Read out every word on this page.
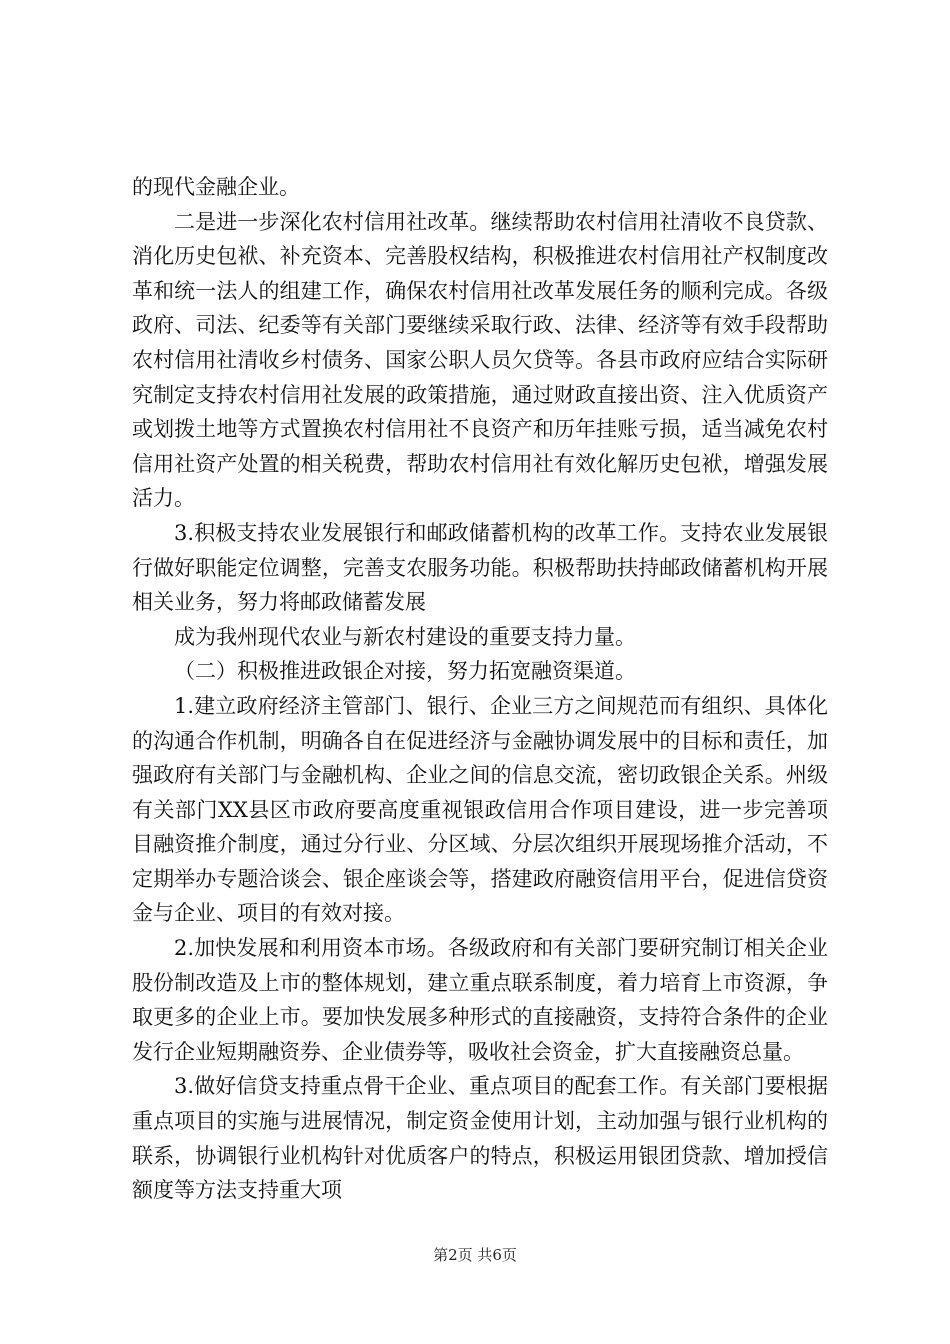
的现代金融企业。

二是进一步深化农村信用社改革。继续帮助农村信用社清收不良贷款、消化历史包袱、补充资本、完善股权结构，积极推进农村信用社产权制度改革和统一法人的组建工作，确保农村信用社改革发展任务的顺利完成。各级政府、司法、纪委等有关部门要继续采取行政、法律、经济等有效手段帮助农村信用社清收乡村债务、国家公职人员欠贷等。各县市政府应结合实际研究制定支持农村信用社发展的政策措施，通过财政直接出资、注入优质资产或划拨土地等方式置换农村信用社不良资产和历年挂账亏损，适当减免农村信用社资产处置的相关税费，帮助农村信用社有效化解历史包袱，增强发展活力。

3.积极支持农业发展银行和邮政储蓄机构的改革工作。支持农业发展银行做好职能定位调整，完善支农服务功能。积极帮助扶持邮政储蓄机构开展相关业务，努力将邮政储蓄发展

成为我州现代农业与新农村建设的重要支持力量。

（二）积极推进政银企对接，努力拓宽融资渠道。

1.建立政府经济主管部门、银行、企业三方之间规范而有组织、具体化的沟通合作机制，明确各自在促进经济与金融协调发展中的目标和责任，加强政府有关部门与金融机构、企业之间的信息交流，密切政银企关系。州级有关部门XX县区市政府要高度重视银政信用合作项目建设，进一步完善项目融资推介制度，通过分行业、分区域、分层次组织开展现场推介活动，不定期举办专题洽谈会、银企座谈会等，搭建政府融资信用平台，促进信贷资金与企业、项目的有效对接。

2.加快发展和利用资本市场。各级政府和有关部门要研究制订相关企业股份制改造及上市的整体规划，建立重点联系制度，着力培育上市资源，争取更多的企业上市。要加快发展多种形式的直接融资，支持符合条件的企业发行企业短期融资券、企业债券等，吸收社会资金，扩大直接融资总量。

3.做好信贷支持重点骨干企业、重点项目的配套工作。有关部门要根据重点项目的实施与进展情况，制定资金使用计划，主动加强与银行业机构的联系，协调银行业机构针对优质客户的特点，积极运用银团贷款、增加授信额度等方法支持重大项

第2页 共6页
